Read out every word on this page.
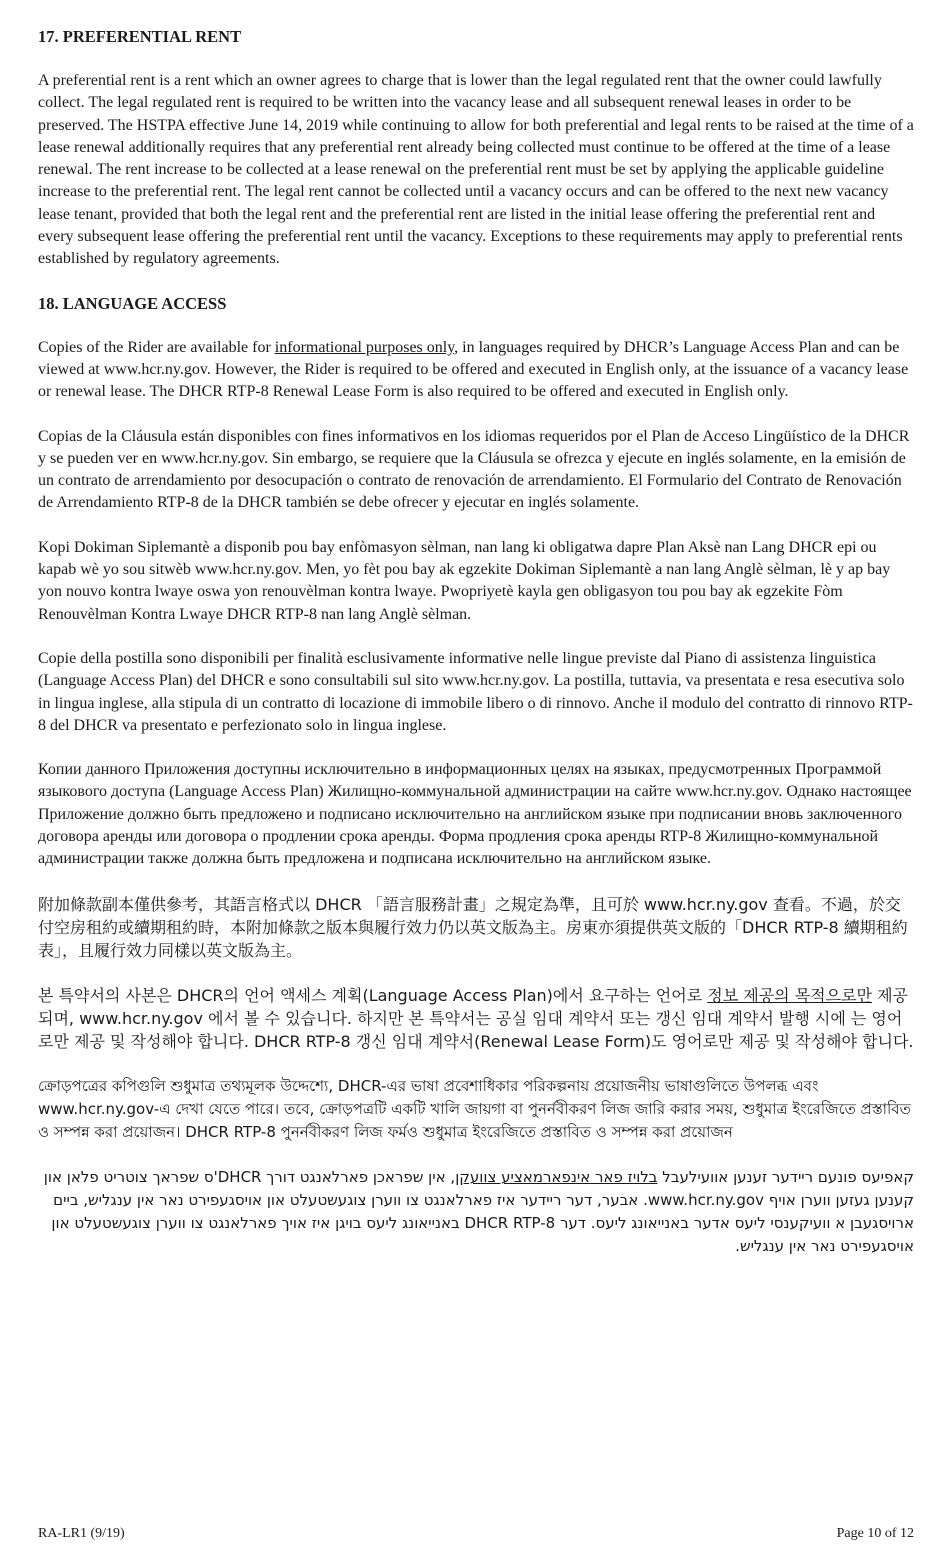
17. PREFERENTIAL RENT

A preferential rent is a rent which an owner agrees to charge that is lower than the legal regulated rent that the owner could lawfully collect. The legal regulated rent is required to be written into the vacancy lease and all subsequent renewal leases in order to be preserved. The HSTPA effective June 14, 2019 while continuing to allow for both preferential and legal rents to be raised at the time of a lease renewal additionally requires that any preferential rent already being collected must continue to be offered at the time of a lease renewal. The rent increase to be collected at a lease renewal on the preferential rent must be set by applying the applicable guideline increase to the preferential rent. The legal rent cannot be collected until a vacancy occurs and can be offered to the next new vacancy lease tenant, provided that both the legal rent and the preferential rent are listed in the initial lease offering the preferential rent and every subsequent lease offering the preferential rent until the vacancy. Exceptions to these requirements may apply to preferential rents established by regulatory agreements.

18. LANGUAGE ACCESS

Copies of the Rider are available for informational purposes only, in languages required by DHCR’s Language Access Plan and can be viewed at www.hcr.ny.gov. However, the Rider is required to be offered and executed in English only, at the issuance of a vacancy lease or renewal lease. The DHCR RTP-8 Renewal Lease Form is also required to be offered and executed in English only.

Copias de la Cláusula están disponibles con fines informativos en los idiomas requeridos por el Plan de Acceso Lingüístico de la DHCR y se pueden ver en www.hcr.ny.gov. Sin embargo, se requiere que la Cláusula se ofrezca y ejecute en inglés solamente, en la emisión de un contrato de arrendamiento por desocupación o contrato de renovación de arrendamiento. El Formulario del Contrato de Renovación de Arrendamiento RTP-8 de la DHCR también se debe ofrecer y ejecutar en inglés solamente.

Kopi Dokiman Siplemantè a disponib pou bay enfòmasyon sèlman, nan lang ki obligatwa dapre Plan Aksè nan Lang DHCR epi ou kapab wè yo sou sitwèb www.hcr.ny.gov. Men, yo fèt pou bay ak egzekite Dokiman Siplemantè a nan lang Anglè sèlman, lè y ap bay yon nouvo kontra lwaye oswa yon renouvèlman kontra lwaye. Pwopriyetè kayla gen obligasyon tou pou bay ak egzekite Fòm Renouvèlman Kontra Lwaye DHCR RTP-8 nan lang Anglè sèlman.

Copie della postilla sono disponibili per finalità esclusivamente informative nelle lingue previste dal Piano di assistenza linguistica (Language Access Plan) del DHCR e sono consultabili sul sito www.hcr.ny.gov. La postilla, tuttavia, va presentata e resa esecutiva solo in lingua inglese, alla stipula di un contratto di locazione di immobile libero o di rinnovo. Anche il modulo del contratto di rinnovo RTP-8 del DHCR va presentato e perfezionato solo in lingua inglese.

Копии данного Приложения доступны исключительно в информационных целях на языках, предусмотренных Программой языкового доступа (Language Access Plan) Жилищно-коммунальной администрации на сайте www.hcr.ny.gov. Однако настоящее Приложение должно быть предложено и подписано исключительно на английском языке при подписании вновь заключенного договора аренды или договора о продлении срока аренды. Форма продления срока аренды RTP-8 Жилищно-коммунальной администрации также должна быть предложена и подписана исключительно на английском языке.

附加條款副本僅供參考，其語言格式以 DHCR 「語言服務計畫」之規定為準，且可於 www.hcr.ny.gov 查看。不過，於交付空房租約或續期租約時，本附加條款之版本與履行效力仍以英文版為主。房東亦須提供英文版的「DHCR RTP-8 續期租約表」，且履行效力同樣以英文版為主。

본 특약서의 사본은 DHCR의 언어 액세스 계획(Language Access Plan)에서 요구하는 언어로 정보 제공의 목적으로만 제공되며, www.hcr.ny.gov 에서 볼 수 있습니다. 하지만 본 특약서는 공실 임대 계약서 또는 갱신 임대 계약서 발행 시에 는 영어로만 제공 및 작성해야 합니다. DHCR RTP-8 갱신 임대 계약서(Renewal Lease Form)도 영어로만 제공 및 작성해야 합니다.

ক্রোড়পত্রের কপিগুলি শুধুমাত্র তথ্যমূলক উদ্দেশ্যে, DHCR-এর ভাষা প্রবেশাধিকার পরিকল্পনায় প্রয়োজনীয় ভাষাগুলিতে উপলব্ধ এবং www.hcr.ny.gov-এ দেখা যেতে পারে। তবে, ক্রোড়পত্রটি একটি খালি জায়গা বা পুনর্নবীকরণ লিজ জারি করার সময়, শুধুমাত্র ইংরেজিতে প্রস্তাবিত ও সম্পন্ন করা প্রয়োজন। DHCR RTP-8 পুনর্নবীকরণ লিজ ফর্মও শুধুমাত্র ইংরেজিতে প্রস্তাবিত ও সম্পন্ন করা প্রয়োজন

קאפיעס פונעם ריידער זענען אוועילעבל בלויז פאר אינפארמאציע צוועקן, אין שפראכן פארלאנגט דורך DHCR'ס שפראך צוטריט פלאן און קענען געזען ווערן אויף www.hcr.ny.gov. אבער, דער ריידער איז פארלאנגט צו ווערן צוגעשטעלט און אויסגעפירט נאר אין ענגליש, ביים ארויסגעבן א וועיקענסי ליעס אדער באנייאונג ליעס. דער DHCR RTP-8 באנייאונג ליעס בויגן איז אויך פארלאנגט צו ווערן צוגעשטעלט און אויסגעפירט נאר אין ענגליש.

RA-LR1 (9/19)	Page 10 of 12
